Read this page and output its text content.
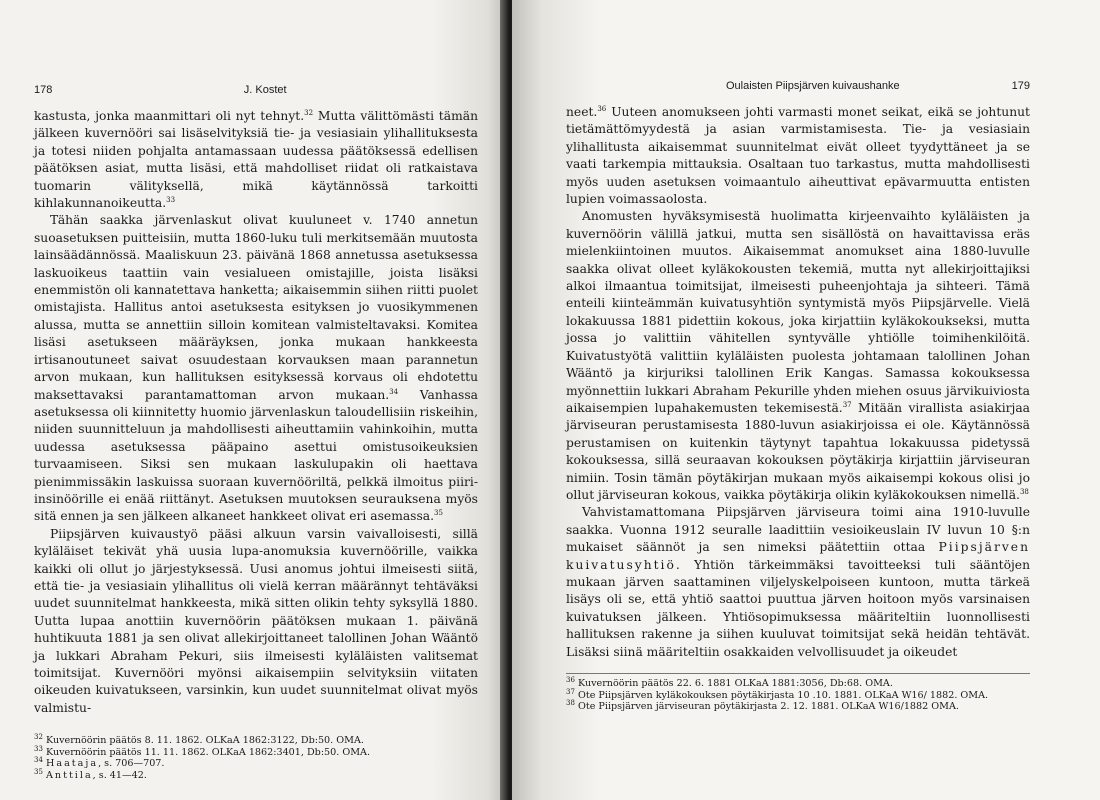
178	J. Kostet

kastusta, jonka maanmittari oli nyt tehnyt.$^{32}$ Mutta välittömästi tämän jälkeen kuvernööri sai lisäselvityksiä tie- ja vesiasiain ylihallituksesta ja totesi niiden pohjalta antamassaan uudessa päätöksessä edellisen päätöksen asiat, mutta lisäsi, että mahdolliset riidat oli ratkaistava tuomarin välityksellä, mikä käytännössä tarkoitti kihlakunnanoikeutta.$^{33}$

Tähän saakka järvenlaskut olivat kuuluneet v. 1740 annetun suoasetuksen puitteisiin, mutta 1860-luku tuli merkitsemään muutosta lainsäädännössä. Maaliskuun 23. päivänä 1868 annetussa asetuksessa laskuoikeus taattiin vain vesialueen omistajille, joista lisäksi enemmistön oli kannatettava hanketta; aikaisemmin siihen riitti puolet omistajista. Hallitus antoi asetuksesta esityksen jo vuosikymmenen alussa, mutta se annettiin silloin komitean valmisteltavaksi. Komitea lisäsi asetukseen määräyksen, jonka mukaan hankkeesta irtisanoutuneet saivat osuudestaan korvauksen maan parannetun arvon mukaan, kun hallituksen esityksessä korvaus oli ehdotettu maksettavaksi parantamattoman arvon mukaan.$^{34}$ Vanhassa asetuksessa oli kiinnitetty huomio järvenlaskun taloudellisiin riskeihin, niiden suunnitteluun ja mahdollisesti aiheuttamiin vahinkoihin, mutta uudessa asetuksessa pääpaino asettui omistusoikeuksien turvaamiseen. Siksi sen mukaan laskulupakin oli haettava pienimmissäkin laskuissa suoraan kuvernööriltä, pelkkä ilmoitus piiri-insinöörille ei enää riittänyt. Asetuksen muutoksen seurauksena myös sitä ennen ja sen jälkeen alkaneet hankkeet olivat eri asemassa.$^{35}$

Piipsjärven kuivaustyö pääsi alkuun varsin vaivalloisesti, sillä kyläläiset tekivät yhä uusia lupa-anomuksia kuvernöörille, vaikka kaikki oli ollut jo järjestyksessä. Uusi anomus johtui ilmeisesti siitä, että tie- ja vesiasiain ylihallitus oli vielä kerran määrännyt tehtäväksi uudet suunnitelmat hankkeesta, mikä sitten olikin tehty syksyllä 1880. Uutta lupaa anottiin kuvernöörin päätöksen mukaan 1. päivänä huhtikuuta 1881 ja sen olivat allekirjoittaneet talollinen Johan Wääntö ja lukkari Abraham Pekuri, siis ilmeisesti kyläläisten valitsemat toimitsijat. Kuvernööri myönsi aikaisempiin selvityksiin viitaten oikeuden kuivatukseen, varsinkin, kun uudet suunnitelmat olivat myös valmistu-

$^{32}$ Kuvernöörin päätös 8. 11. 1862. OLKaA 1862:3122, Db:50. OMA.
$^{33}$ Kuvernöörin päätös 11. 11. 1862. OLKaA 1862:3401, Db:50. OMA.
$^{34}$ Haataja, s. 706—707.
$^{35}$ Anttila, s. 41—42.
Oulaisten Piipsjärven kuivaushanke	179

neet.$^{36}$ Uuteen anomukseen johti varmasti monet seikat, eikä se johtunut tietämättömyydestä ja asian varmistamisesta. Tie- ja vesiasiain ylihallitusta aikaisemmat suunnitelmat eivät olleet tyydyttäneet ja se vaati tarkempia mittauksia. Osaltaan tuo tarkastus, mutta mahdollisesti myös uuden asetuksen voimaantulo aiheuttivat epävarmuutta entisten lupien voimassaolosta.

Anomusten hyväksymisestä huolimatta kirjeenvaihto kyläläisten ja kuvernöörin välillä jatkui, mutta sen sisällöstä on havaittavissa eräs mielenkiintoinen muutos. Aikaisemmat anomukset aina 1880-luvulle saakka olivat olleet kyläkokousten tekemiä, mutta nyt allekirjoittajiksi alkoi ilmaantua toimitsijat, ilmeisesti puheenjohtaja ja sihteeri. Tämä enteili kiinteämmän kuivatusyhtiön syntymistä myös Piipsjärvelle. Vielä lokakuussa 1881 pidettiin kokous, joka kirjattiin kyläkokoukseksi, mutta jossa jo valittiin vähitellen syntyvälle yhtiölle toimihenkilöitä. Kuivatustyötä valittiin kyläläisten puolesta johtamaan talollinen Johan Wääntö ja kirjuriksi talollinen Erik Kangas. Samassa kokouksessa myönnettiin lukkari Abraham Pekurille yhden miehen osuus järvikuiviosta aikaisempien lupahakemusten tekemisestä.$^{37}$ Mitään virallista asiakirjaa järviseuran perustamisesta 1880-luvun asiakirjoissa ei ole. Käytännössä perustamisen on kuitenkin täytynyt tapahtua lokakuussa pidetyssä kokouksessa, sillä seuraavan kokouksen pöytäkirja kirjattiin järviseuran nimiin. Tosin tämän pöytäkirjan mukaan myös aikaisempi kokous olisi jo ollut järviseuran kokous, vaikka pöytäkirja olikin kyläkokouksen nimellä.$^{38}$

Vahvistamattomana Piipsjärven järviseura toimi aina 1910-luvulle saakka. Vuonna 1912 seuralle laadittiin vesioikeuslain IV luvun 10 §:n mukaiset säännöt ja sen nimeksi päätettiin ottaa Piipsjärven kuivatusyhtiö. Yhtiön tärkeimmäksi tavoitteeksi tuli sääntöjen mukaan järven saattaminen viljelyskelpoiseen kuntoon, mutta tärkeä lisäys oli se, että yhtiö saattoi puuttua järven hoitoon myös varsinaisen kuivatuksen jälkeen. Yhtiösopimuksessa määriteltiin luonnollisesti hallituksen rakenne ja siihen kuuluvat toimitsijat sekä heidän tehtävät. Lisäksi siinä määriteltiin osakkaiden velvollisuudet ja oikeudet

$^{36}$ Kuvernöörin päätös 22. 6. 1881 OLKaA 1881:3056, Db:68. OMA.
$^{37}$ Ote Piipsjärven kyläkokouksen pöytäkirjasta 10 .10. 1881. OLKaA W16/ 1882. OMA.
$^{38}$ Ote Piipsjärven järviseuran pöytäkirjasta 2. 12. 1881. OLKaA W16/1882 OMA.
